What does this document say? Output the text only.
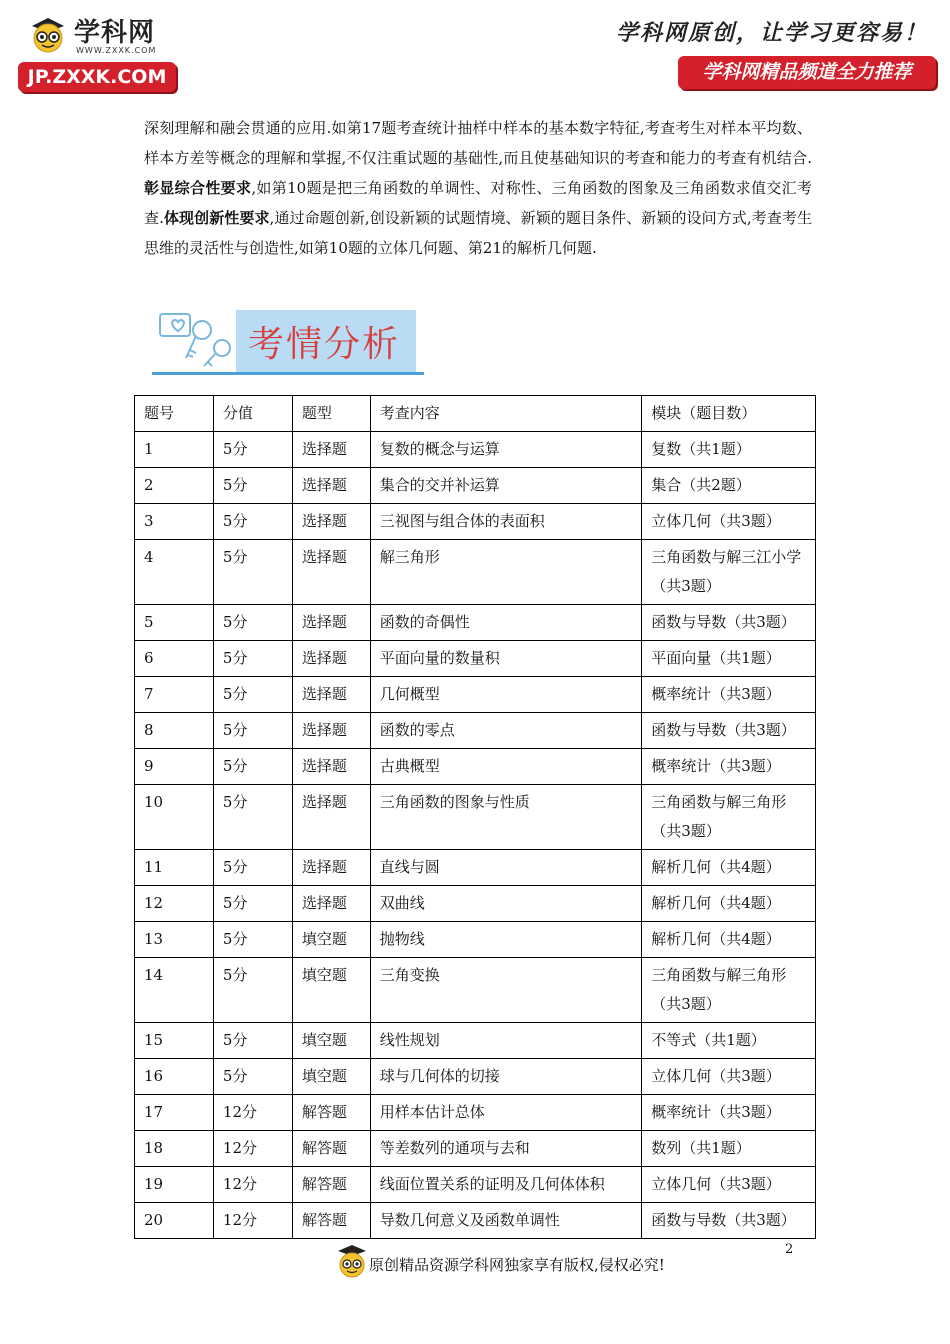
学科网
WWW.ZXXK.COM
JP.ZXXK.COM
学科网原创，让学习更容易！
学科网精品频道全力推荐
深刻理解和融会贯通的应用.如第17题考查统计抽样中样本的基本数字特征,考查考生对样本平均数、样本方差等概念的理解和掌握,不仅注重试题的基础性,而且使基础知识的考查和能力的考查有机结合.彰显综合性要求,如第10题是把三角函数的单调性、对称性、三角函数的图象及三角函数求值交汇考查.体现创新性要求,通过命题创新,创设新颖的试题情境、新颖的题目条件、新颖的设问方式,考查考生思维的灵活性与创造性,如第10题的立体几何题、第21的解析几何题.
考情分析
题号	分值	题型	考查内容	模块（题目数）
1	5分	选择题	复数的概念与运算	复数（共1题）
2	5分	选择题	集合的交并补运算	集合（共2题）
3	5分	选择题	三视图与组合体的表面积	立体几何（共3题）
4	5分	选择题	解三角形	三角函数与解三江小学（共3题）
5	5分	选择题	函数的奇偶性	函数与导数（共3题）
6	5分	选择题	平面向量的数量积	平面向量（共1题）
7	5分	选择题	几何概型	概率统计（共3题）
8	5分	选择题	函数的零点	函数与导数（共3题）
9	5分	选择题	古典概型	概率统计（共3题）
10	5分	选择题	三角函数的图象与性质	三角函数与解三角形（共3题）
11	5分	选择题	直线与圆	解析几何（共4题）
12	5分	选择题	双曲线	解析几何（共4题）
13	5分	填空题	抛物线	解析几何（共4题）
14	5分	填空题	三角变换	三角函数与解三角形（共3题）
15	5分	填空题	线性规划	不等式（共1题）
16	5分	填空题	球与几何体的切接	立体几何（共3题）
17	12分	解答题	用样本估计总体	概率统计（共3题）
18	12分	解答题	等差数列的通项与去和	数列（共1题）
19	12分	解答题	线面位置关系的证明及几何体体积	立体几何（共3题）
20	12分	解答题	导数几何意义及函数单调性	函数与导数（共3题）
2
原创精品资源学科网独家享有版权,侵权必究!
